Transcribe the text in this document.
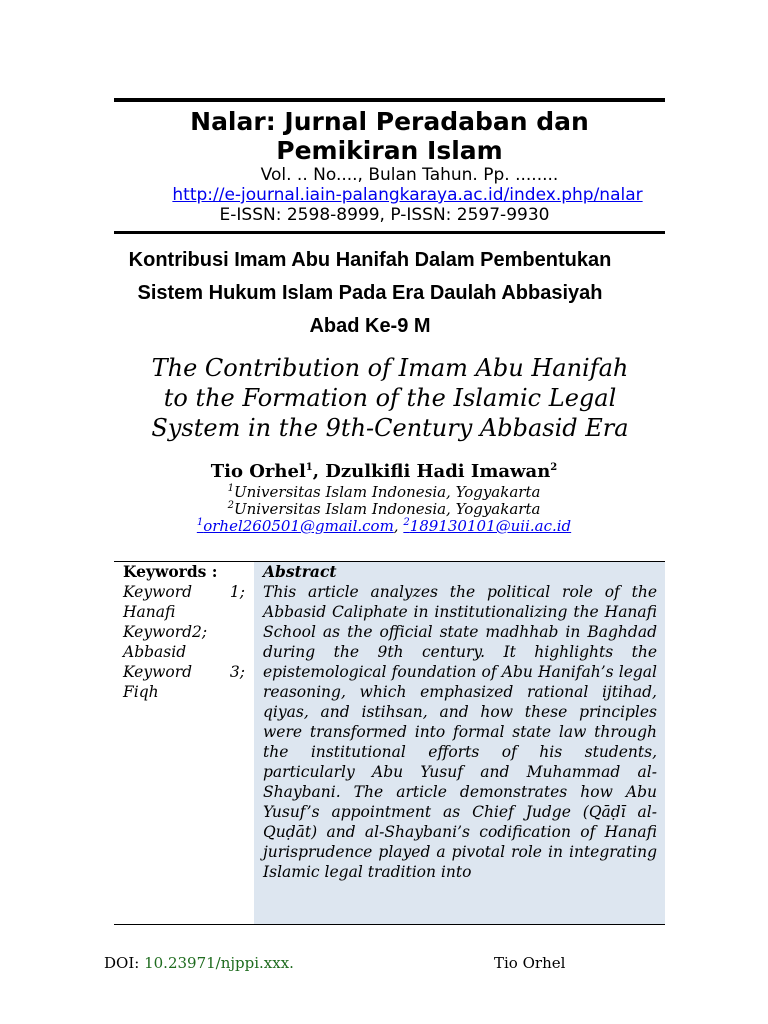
Nalar: Jurnal Peradaban dan
Pemikiran Islam
Vol. .. No...., Bulan Tahun. Pp. ........
http://e-journal.iain-palangkaraya.ac.id/index.php/nalar
E-ISSN: 2598-8999, P-ISSN: 2597-9930
Kontribusi Imam Abu Hanifah Dalam Pembentukan
Sistem Hukum Islam Pada Era Daulah Abbasiyah
Abad Ke-9 M
The Contribution of Imam Abu Hanifah
to the Formation of the Islamic Legal
System in the 9th-Century Abbasid Era
Tio Orhel$^1$, Dzulkifli Hadi Imawan$^2$
$^1$Universitas Islam Indonesia, Yogyakarta
$^2$Universitas Islam Indonesia, Yogyakarta
$^1$orhel260501@gmail.com, $^2$189130101@uii.ac.id
Keywords :
Keyword 1;
Hanafi
Keyword2;
Abbasid
Keyword 3;
Fiqh
Abstract
This article analyzes the political role of the Abbasid Caliphate in institutionalizing the Hanafi School as the official state madhhab in Baghdad during the 9th century. It highlights the epistemological foundation of Abu Hanifah’s legal reasoning, which emphasized rational ijtihad, qiyas, and istihsan, and how these principles were transformed into formal state law through the institutional efforts of his students, particularly Abu Yusuf and Muhammad al-Shaybani. The article demonstrates how Abu Yusuf’s appointment as Chief Judge (Qāḍī al-Quḍāt) and al-Shaybani’s codification of Hanafi jurisprudence played a pivotal role in integrating Islamic legal tradition into
DOI: 10.23971/njppi.xxx.	Tio Orhel
